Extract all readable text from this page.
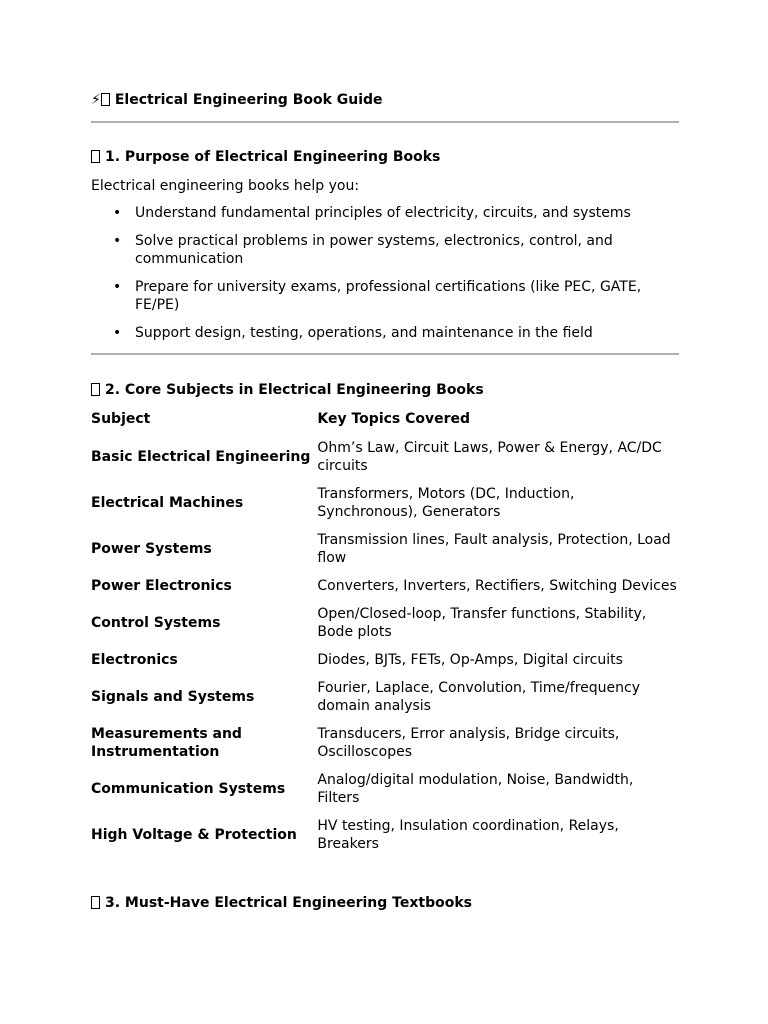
⚡ Electrical Engineering Book Guide
1. Purpose of Electrical Engineering Books
Electrical engineering books help you:
• Understand fundamental principles of electricity, circuits, and systems
• Solve practical problems in power systems, electronics, control, and communication
• Prepare for university exams, professional certifications (like PEC, GATE, FE/PE)
• Support design, testing, operations, and maintenance in the field
2. Core Subjects in Electrical Engineering Books
Subject	Key Topics Covered
Basic Electrical Engineering	Ohm’s Law, Circuit Laws, Power & Energy, AC/DC circuits
Electrical Machines	Transformers, Motors (DC, Induction, Synchronous), Generators
Power Systems	Transmission lines, Fault analysis, Protection, Load flow
Power Electronics	Converters, Inverters, Rectifiers, Switching Devices
Control Systems	Open/Closed-loop, Transfer functions, Stability, Bode plots
Electronics	Diodes, BJTs, FETs, Op-Amps, Digital circuits
Signals and Systems	Fourier, Laplace, Convolution, Time/frequency domain analysis
Measurements and Instrumentation	Transducers, Error analysis, Bridge circuits, Oscilloscopes
Communication Systems	Analog/digital modulation, Noise, Bandwidth, Filters
High Voltage & Protection	HV testing, Insulation coordination, Relays, Breakers
3. Must-Have Electrical Engineering Textbooks
